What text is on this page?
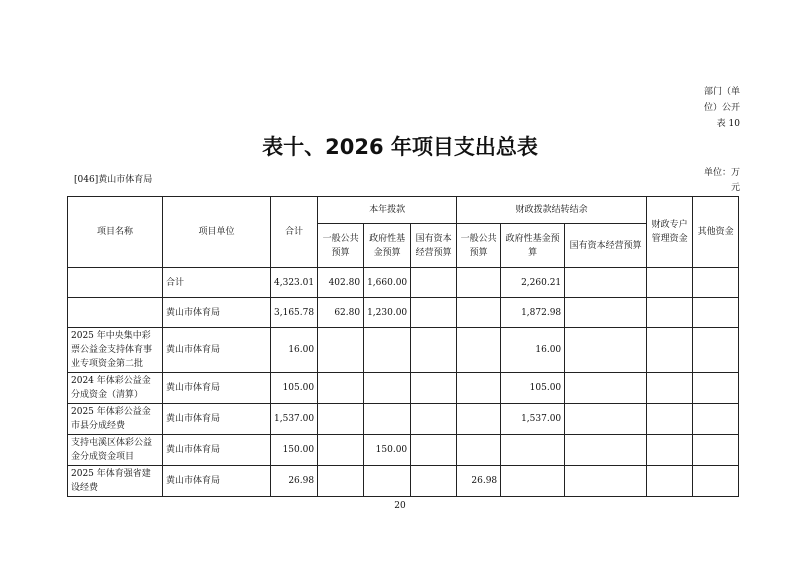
部门（单
位）公开
表 10
表十、2026 年项目支出总表
[046]黄山市体育局
单位：万
元
项目名称	项目单位	合计	本年拨款			财政拨款结转结余			财政专户管理资金	其他资金
			一般公共预算	政府性基金预算	国有资本经营预算	一般公共预算	政府性基金预算	国有资本经营预算		
	合计	4,323.01	402.80	1,660.00			2,260.21			
	黄山市体育局	3,165.78	62.80	1,230.00			1,872.98			
2025 年中央集中彩票公益金支持体育事业专项资金第二批	黄山市体育局	16.00					16.00			
2024 年体彩公益金分成资金（清算）	黄山市体育局	105.00					105.00			
2025 年体彩公益金市县分成经费	黄山市体育局	1,537.00					1,537.00			
支持屯溪区体彩公益金分成资金项目	黄山市体育局	150.00		150.00						
2025 年体育强省建设经费	黄山市体育局	26.98				26.98				
20
